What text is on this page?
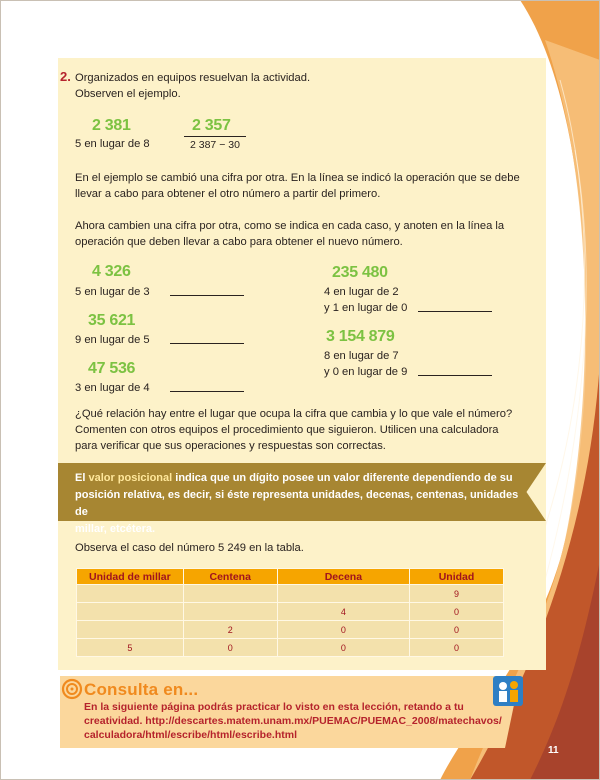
2. Organizados en equipos resuelvan la actividad.
Observen el ejemplo.
2 381	2 357
5 en lugar de 8	2 387 − 30
En el ejemplo se cambió una cifra por otra. En la línea se indicó la operación que se debe
llevar a cabo para obtener el otro número a partir del primero.
Ahora cambien una cifra por otra, como se indica en cada caso, y anoten en la línea la
operación que deben llevar a cabo para obtener el nuevo número.
4 326
5 en lugar de 3
35 621
9 en lugar de 5
47 536
3 en lugar de 4
235 480
4 en lugar de 2
y 1 en lugar de 0
3 154 879
8 en lugar de 7
y 0 en lugar de 9
¿Qué relación hay entre el lugar que ocupa la cifra que cambia y lo que vale el número?
Comenten con otros equipos el procedimiento que siguieron. Utilicen una calculadora
para verificar que sus operaciones y respuestas son correctas.
El valor posicional indica que un dígito posee un valor diferente dependiendo de su
posición relativa, es decir, si éste representa unidades, decenas, centenas, unidades de
millar, etcétera.
Observa el caso del número 5 249 en la tabla.
Unidad de millar	Centena	Decena	Unidad
			9
		4	0
	2	0	0
5	0	0	0
Consulta en...
En la siguiente página podrás practicar lo visto en esta lección, retando a tu
creatividad. http://descartes.matem.unam.mx/PUEMAC/PUEMAC_2008/matechavos/
calculadora/html/escribe/html/escribe.html
11
